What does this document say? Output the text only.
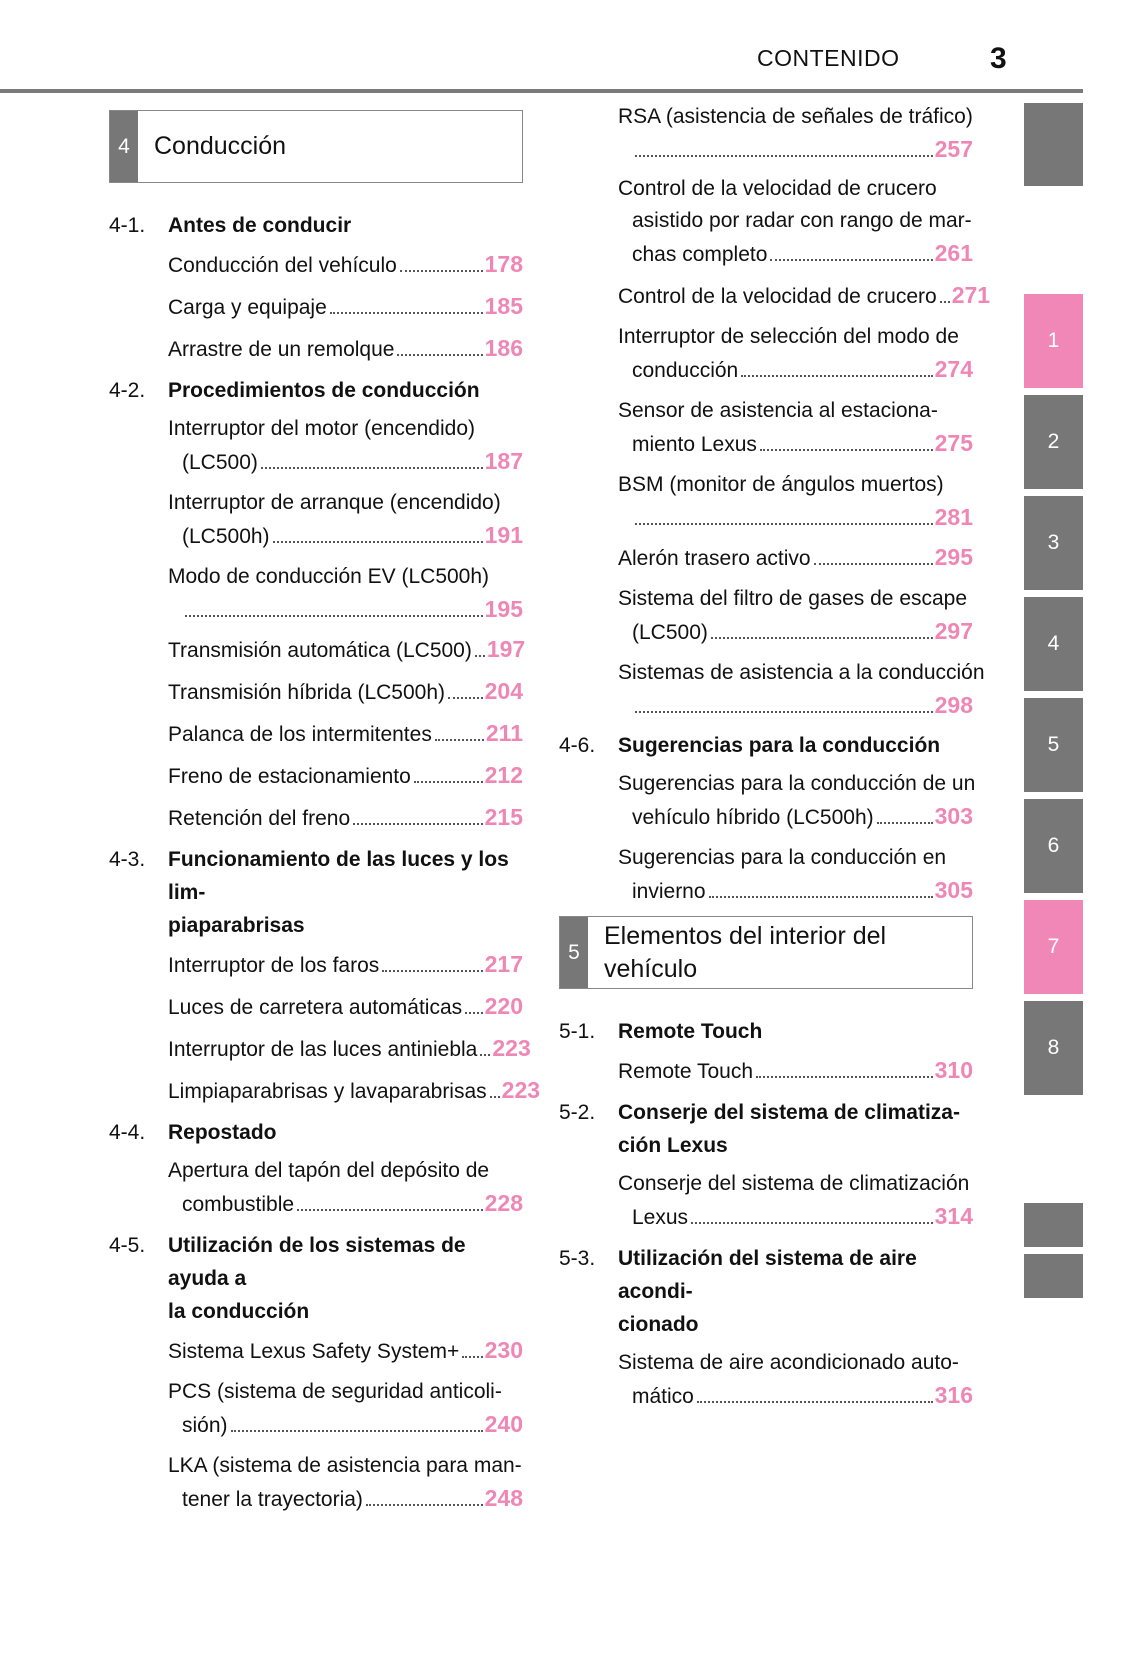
CONTENIDO	3
4 Conducción
4-1.	Antes de conducir
Conducción del vehículo	178
Carga y equipaje	185
Arrastre de un remolque	186
4-2.	Procedimientos de conducción
Interruptor del motor (encendido)
(LC500)	187
Interruptor de arranque (encendido)
(LC500h)	191
Modo de conducción EV (LC500h)
195
Transmisión automática (LC500) 197
Transmisión híbrida (LC500h) 204
Palanca de los intermitentes 211
Freno de estacionamiento	212
Retención del freno	215
4-3.	Funcionamiento de las luces y los lim-
piaparabrisas
Interruptor de los faros	217
Luces de carretera automáticas 220
Interruptor de las luces antiniebla 223
Limpiaparabrisas y lavaparabrisas 223
4-4.	Repostado
Apertura del tapón del depósito de
combustible	228
4-5.	Utilización de los sistemas de ayuda a
la conducción
Sistema Lexus Safety System+ 230
PCS (sistema de seguridad anticoli-
sión)	240
LKA (sistema de asistencia para man-
tener la trayectoria)	248
RSA (asistencia de señales de tráfico)
257
Control de la velocidad de crucero
asistido por radar con rango de mar-
chas completo	261
Control de la velocidad de crucero 271
Interruptor de selección del modo de
conducción	274
Sensor de asistencia al estaciona-
miento Lexus	275
BSM (monitor de ángulos muertos)
281
Alerón trasero activo	295
Sistema del filtro de gases de escape
(LC500)	297
Sistemas de asistencia a la conducción
298
4-6.	Sugerencias para la conducción
Sugerencias para la conducción de un
vehículo híbrido (LC500h)	303
Sugerencias para la conducción en
invierno	305
5
Elementos del interior del
vehículo
5-1.	Remote Touch
Remote Touch	310
5-2.	Conserje del sistema de climatiza-
ción Lexus
Conserje del sistema de climatización
Lexus	314
5-3.	Utilización del sistema de aire acondi-
cionado
Sistema de aire acondicionado auto-
mático	316
1
2
3
4
5
6
7
8
